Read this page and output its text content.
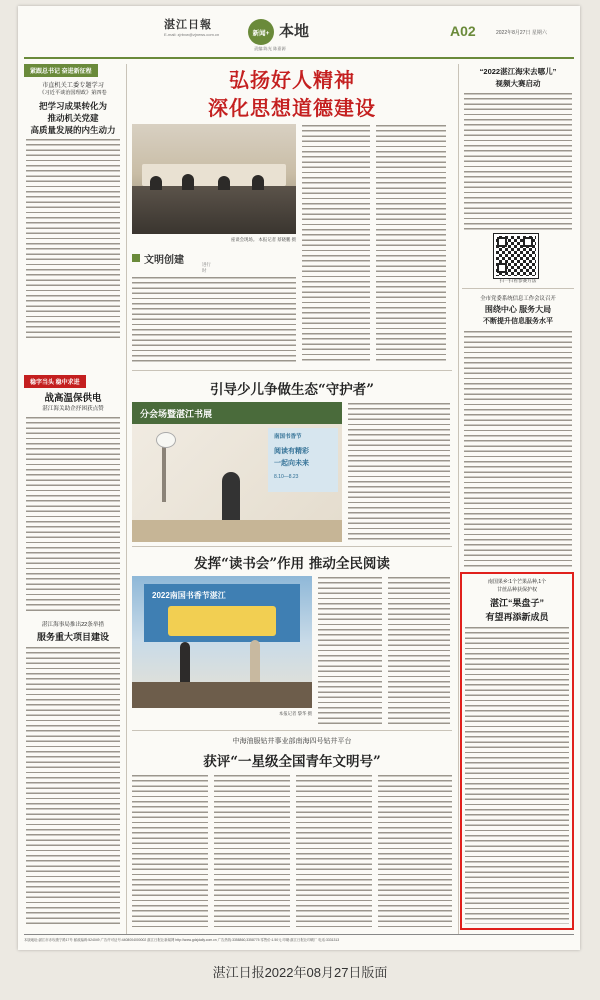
湛江日報
E-mail: zjrbxw@zjnews.com.cn	新闻+ 本地
责编:陈光 陈嘉源
A02	2022年8月27日 星期六
紧跟总书记 奋进新征程
市直机关工委专题学习
《习近平谈治国理政》第四卷
把学习成果转化为
推动机关党建
高质量发展的内生动力
稳字当头 稳中求进
战高温保供电
湛江海关助企抒困获点赞
湛江海事局推出22条举措
服务重大项目建设
弘扬好人精神
深化思想道德建设
座谈会现场。 本报记者 蔡晓鹏 摄
文明创建	进行时
引导少儿争做生态“守护者”
分会场暨湛江书展
南国书香节
阅读有精彩
一起向未来
8.10—8.23
发挥“读书会”作用 推动全民阅读
2022南国书香节湛江
本报记者 黎华 摄
中海油服钻井事业部南海四号钻井平台
获评“一星级全国青年文明号”
“2022湛江海宋去哪儿”
视频大赛启动
扫一扫看参赛方法
全市党委系统信息工作会议召开
围绕中心 服务大局
不断提升信息服务水平
南国果乡:1个芒果品种,1个
甘蔗品种获保护权
湛江“果盘子”
有望再添新成员
本版地址:湛江市赤坎康宁路17号 邮政编码:524049 广告许可证号:4408004000002 湛江日报社新闻网 http://www.gdzjdaily.com.cn 广告热线:3358860,3358775 零售价:1.50元 印刷:湛江日报社印刷厂 电话:3331313
湛江日报2022年08月27日版面
